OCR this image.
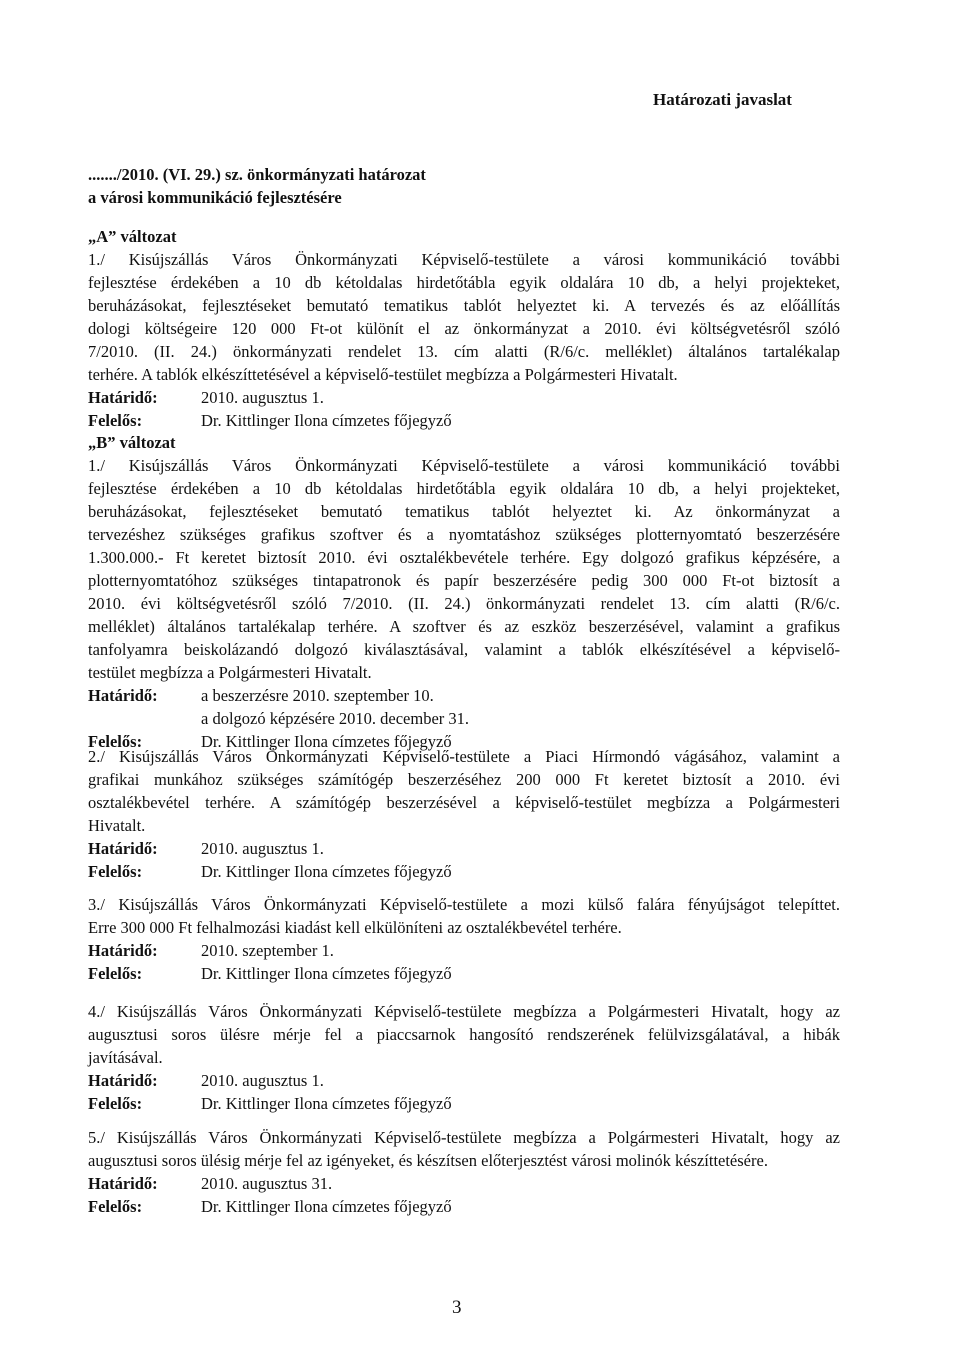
Határozati javaslat
......./2010. (VI. 29.) sz. önkormányzati határozat
a városi kommunikáció fejlesztésére
„A” változat
1./ Kisújszállás Város Önkormányzati Képviselő-testülete a városi kommunikáció további
fejlesztése érdekében a 10 db kétoldalas hirdetőtábla egyik oldalára 10 db, a helyi projekteket,
beruházásokat, fejlesztéseket bemutató tematikus tablót helyeztet ki. A tervezés és az előállítás
dologi költségeire 120 000 Ft-ot különít el az önkormányzat a 2010. évi költségvetésről szóló
7/2010. (II. 24.) önkormányzati rendelet 13. cím alatti (R/6/c. melléklet) általános tartalékalap
terhére. A tablók elkészíttetésével a képviselő-testület megbízza a Polgármesteri Hivatalt.
Határidő:	2010. augusztus 1.
Felelős:	Dr. Kittlinger Ilona címzetes főjegyző
„B” változat
1./ Kisújszállás Város Önkormányzati Képviselő-testülete a városi kommunikáció további
fejlesztése érdekében a 10 db kétoldalas hirdetőtábla egyik oldalára 10 db, a helyi projekteket,
beruházásokat, fejlesztéseket bemutató tematikus tablót helyeztet ki. Az önkormányzat a
tervezéshez szükséges grafikus szoftver és a nyomtatáshoz szükséges plotternyomtató beszerzésére
1.300.000.- Ft keretet biztosít 2010. évi osztalékbevétele terhére. Egy dolgozó grafikus képzésére, a
plotternyomtatóhoz szükséges tintapatronok és papír beszerzésére pedig 300 000 Ft-ot biztosít a
2010. évi költségvetésről szóló 7/2010. (II. 24.) önkormányzati rendelet 13. cím alatti (R/6/c.
melléklet) általános tartalékalap terhére. A szoftver és az eszköz beszerzésével, valamint a grafikus
tanfolyamra beiskolázandó dolgozó kiválasztásával, valamint a tablók elkészítésével a képviselő-
testület megbízza a Polgármesteri Hivatalt.
Határidő:	a beszerzésre 2010. szeptember 10.
a dolgozó képzésére 2010. december 31.
Felelős:	Dr. Kittlinger Ilona címzetes főjegyző
2./ Kisújszállás Város Önkormányzati Képviselő-testülete a Piaci Hírmondó vágásához, valamint a
grafikai munkához szükséges számítógép beszerzéséhez 200 000 Ft keretet biztosít a 2010. évi
osztalékbevétel terhére. A számítógép beszerzésével a képviselő-testület megbízza a Polgármesteri
Hivatalt.
Határidő:	2010. augusztus 1.
Felelős:	Dr. Kittlinger Ilona címzetes főjegyző
3./ Kisújszállás Város Önkormányzati Képviselő-testülete a mozi külső falára fényújságot telepíttet.
Erre 300 000 Ft felhalmozási kiadást kell elkülöníteni az osztalékbevétel terhére.
Határidő:	2010. szeptember 1.
Felelős:	Dr. Kittlinger Ilona címzetes főjegyző
4./ Kisújszállás Város Önkormányzati Képviselő-testülete megbízza a Polgármesteri Hivatalt, hogy az
augusztusi soros ülésre mérje fel a piaccsarnok hangosító rendszerének felülvizsgálatával, a hibák
javításával.
Határidő:	2010. augusztus 1.
Felelős:	Dr. Kittlinger Ilona címzetes főjegyző
5./ Kisújszállás Város Önkormányzati Képviselő-testülete megbízza a Polgármesteri Hivatalt, hogy az
augusztusi soros ülésig mérje fel az igényeket, és készítsen előterjesztést városi molinók készíttetésére.
Határidő:	2010. augusztus 31.
Felelős:	Dr. Kittlinger Ilona címzetes főjegyző
3
